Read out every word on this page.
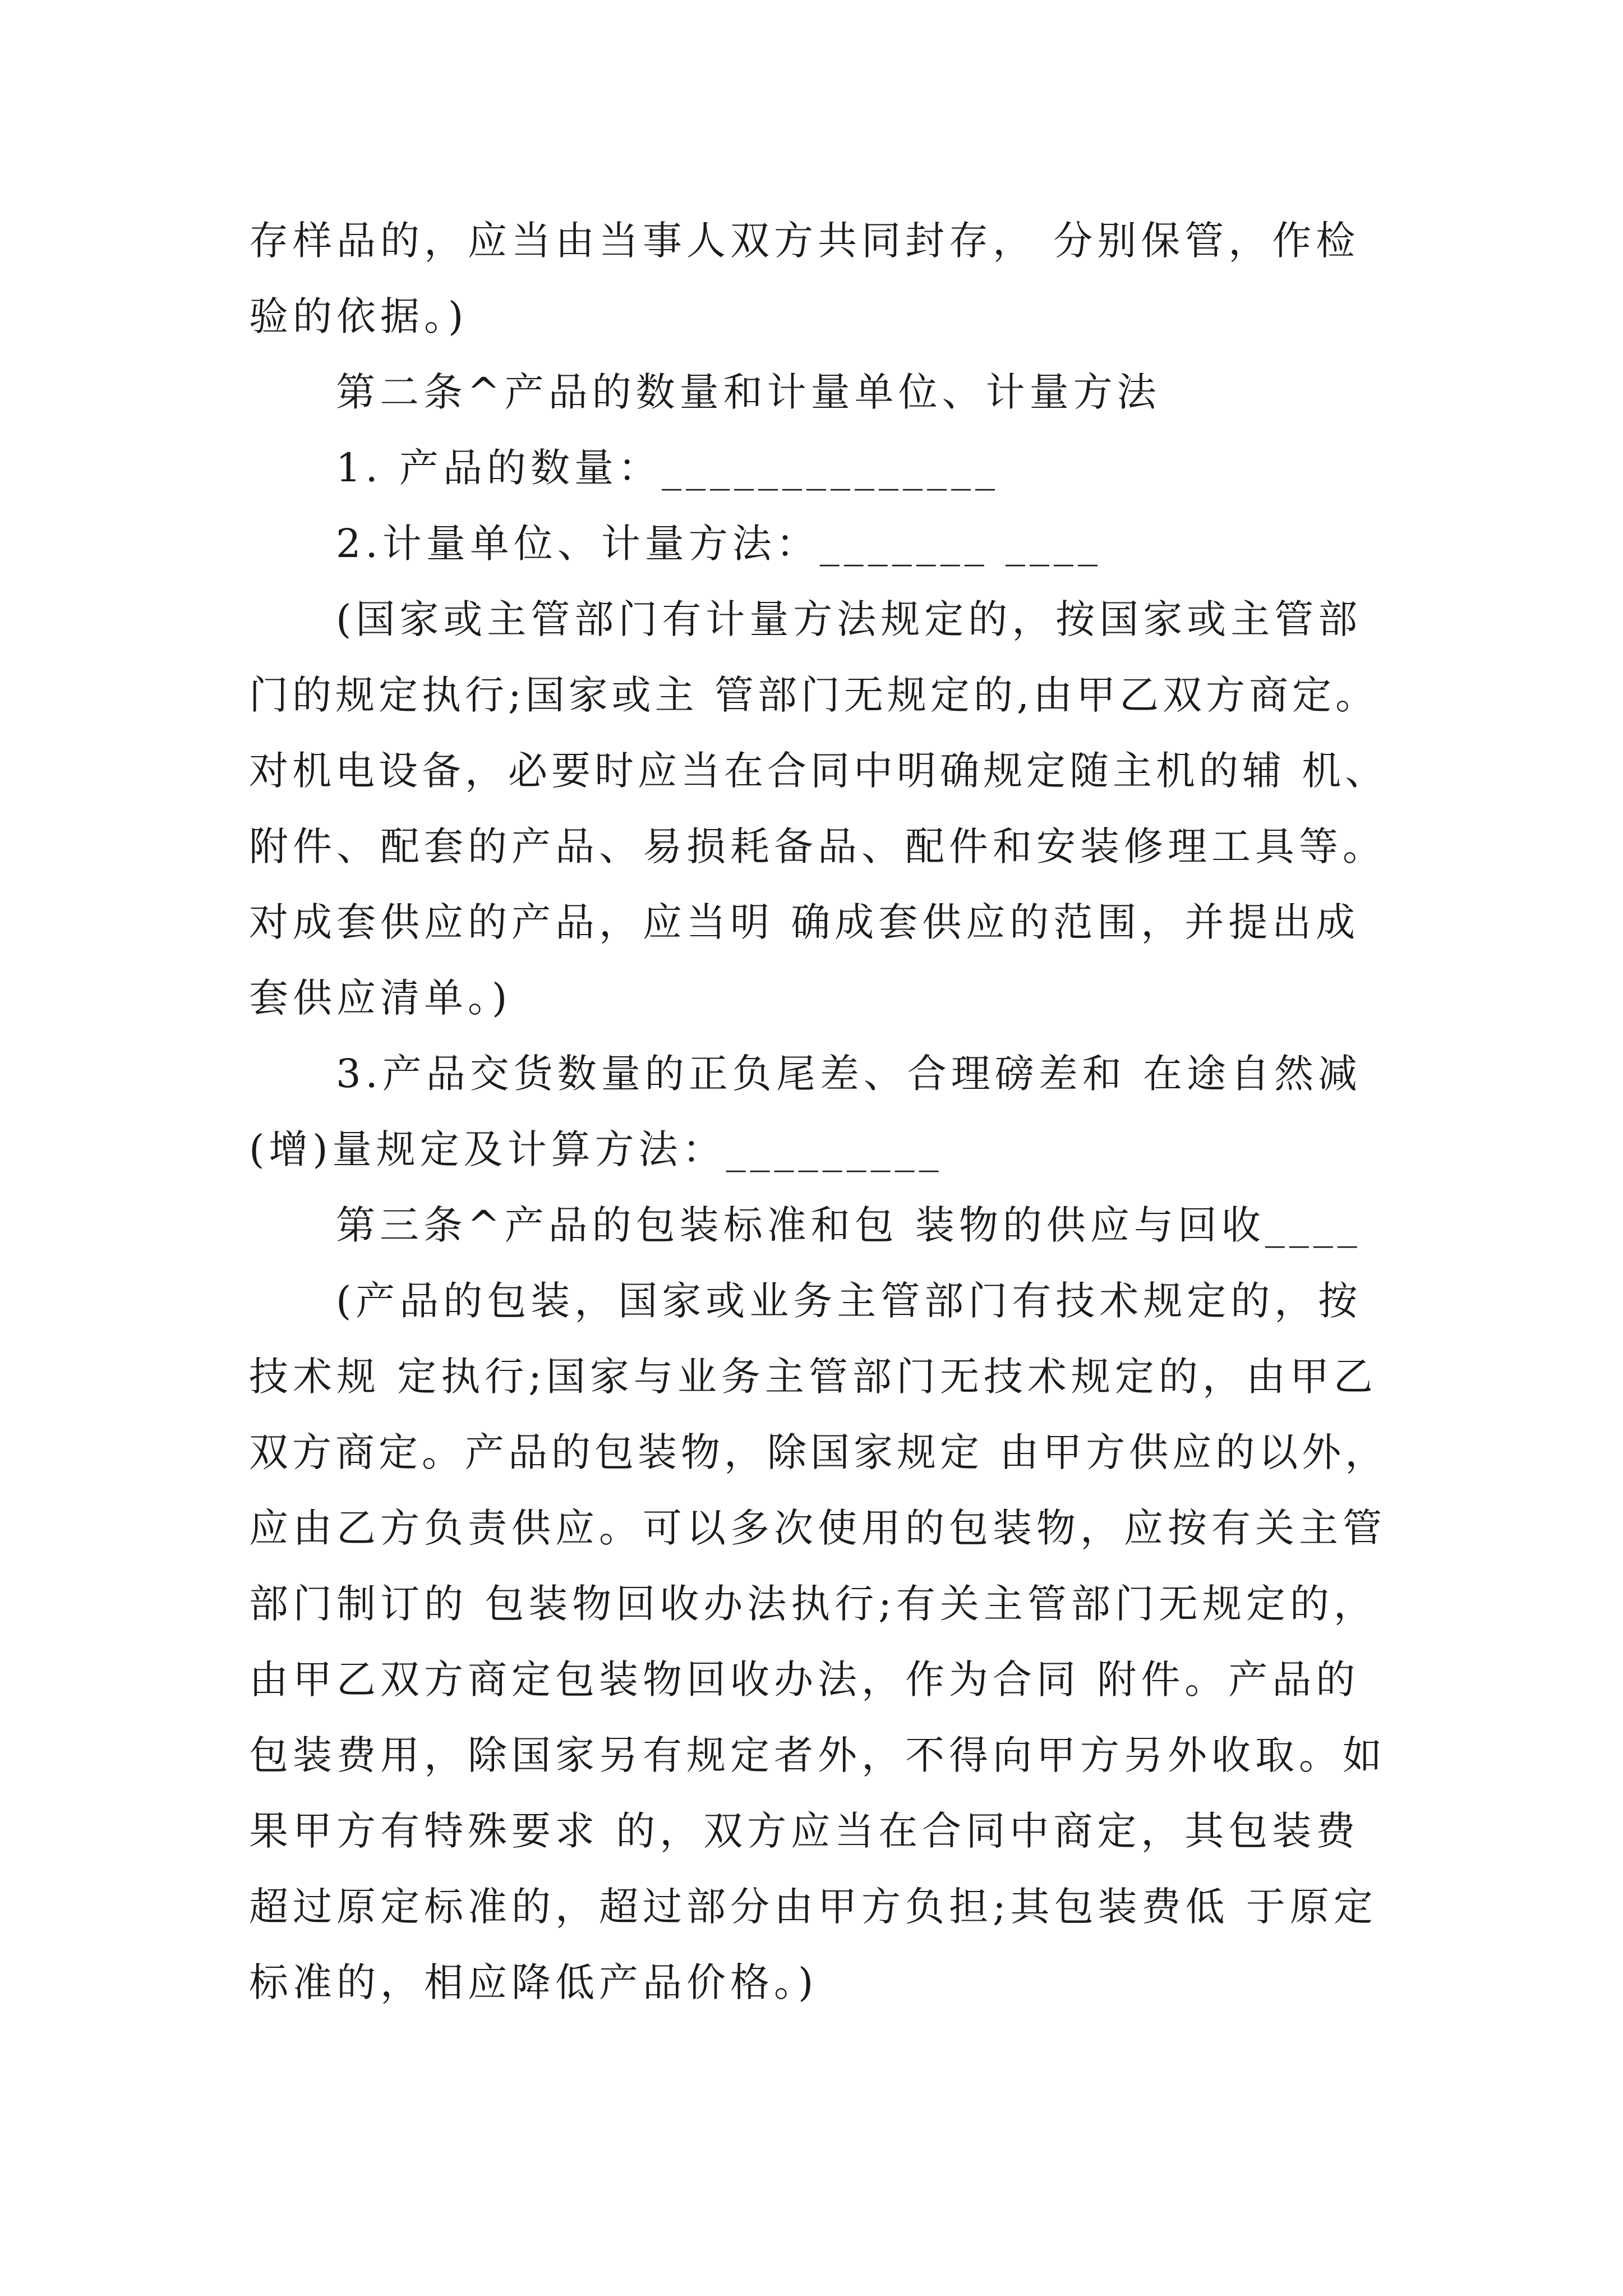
存样品的，应当由当事人双方共同封存， 分别保管，作检
验的依据。)
第二条^产品的数量和计量单位、计量方法
1. 产品的数量：______________
2.计量单位、计量方法：_______ ____
(国家或主管部门有计量方法规定的，按国家或主管部
门的规定执行;国家或主 管部门无规定的,由甲乙双方商定。
对机电设备，必要时应当在合同中明确规定随主机的辅 机、
附件、配套的产品、易损耗备品、配件和安装修理工具等。
对成套供应的产品，应当明 确成套供应的范围，并提出成
套供应清单。)
3.产品交货数量的正负尾差、合理磅差和 在途自然减
(增)量规定及计算方法：_________
第三条^产品的包装标准和包 装物的供应与回收____
(产品的包装，国家或业务主管部门有技术规定的，按
技术规 定执行;国家与业务主管部门无技术规定的，由甲乙
双方商定。产品的包装物，除国家规定 由甲方供应的以外，
应由乙方负责供应。可以多次使用的包装物，应按有关主管
部门制订的 包装物回收办法执行;有关主管部门无规定的，
由甲乙双方商定包装物回收办法，作为合同 附件。产品的
包装费用，除国家另有规定者外，不得向甲方另外收取。如
果甲方有特殊要求 的，双方应当在合同中商定，其包装费
超过原定标准的，超过部分由甲方负担;其包装费低 于原定
标准的，相应降低产品价格。)
